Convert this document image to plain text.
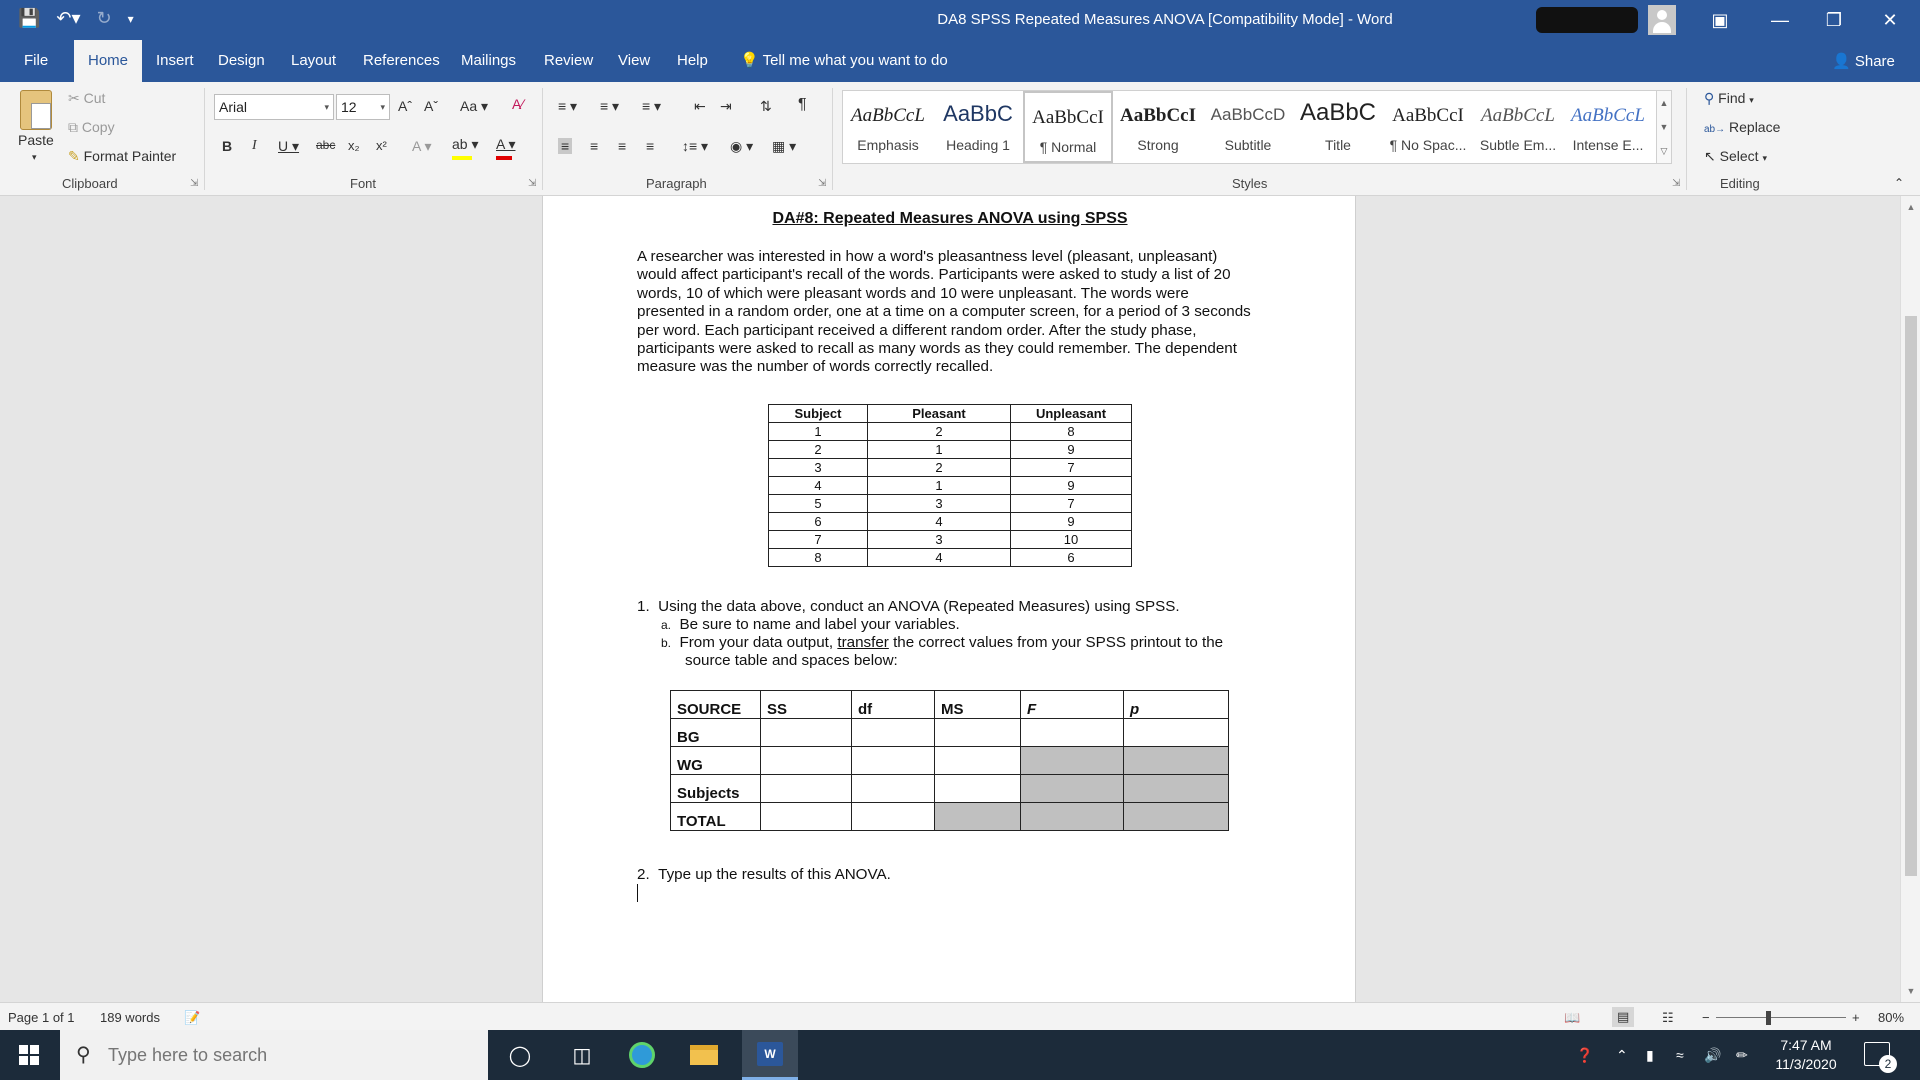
💾 ↶▾ ↻ ▾	DA8 SPSS Repeated Measures ANOVA [Compatibility Mode] - Word	▣	—	❐	✕
File	Home	Insert Design Layout References Mailings Review View Help 💡 Tell me what you want to do	👤 Share
Paste
▾
✂ Cut
⧉ Copy
✎ Format Painter
Clipboard	⇲
Arial	▾ 12	▾ Aˆ Aˇ Aa ▾ A∕
B I U ▾ abc x₂ x² A ▾ ab ▾ A ▾
Font	⇲
≡ ▾ ≡ ▾ ≡ ▾ ⇤ ⇥ ⇅ ¶
≡ ≡ ≡ ≡ ↕≡ ▾ ◉ ▾ ▦ ▾
Paragraph	⇲
AaBbCcL
Emphasis
AaBbC
Heading 1
AaBbCcI
¶ Normal
AaBbCcI
Strong
AaBbCcD
Subtitle
AaBbC
Title
AaBbCcI
¶ No Spac...
AaBbCcL
Subtle Em...
AaBbCcL
Intense E...
▲
▼
▽
Styles	⇲
⚲ Find ▾
ab→ Replace
↖ Select ▾
Editing	⌃
DA#8: Repeated Measures ANOVA using SPSS
A researcher was interested in how a word's pleasantness level (pleasant, unpleasant) would affect participant's recall of the words. Participants were asked to study a list of 20 words, 10 of which were pleasant words and 10 were unpleasant. The words were presented in a random order, one at a time on a computer screen, for a period of 3 seconds per word. Each participant received a different random order. After the study phase, participants were asked to recall as many words as they could remember. The dependent measure was the number of words correctly recalled.
Subject	Pleasant	Unpleasant
1	2	8
2	1	9
3	2	7
4	1	9
5	3	7
6	4	9
7	3	10
8	4	6
1. Using the data above, conduct an ANOVA (Repeated Measures) using SPSS.
a. Be sure to name and label your variables.
b. From your data output, transfer the correct values from your SPSS printout to the
source table and spaces below:
SOURCE	SS	df	MS	F	p
BG					
WG					
Subjects					
TOTAL					
2. Type up the results of this ANOVA.
▲
▼
Page 1 of 1 189 words 📝	📖	▤	☷ −	+ 80%
⚲
Type here to search	◯	◫	W	❓ ⌃ ▮ ≈ 🔊 ✏
7:47 AM
11/3/2020	2
